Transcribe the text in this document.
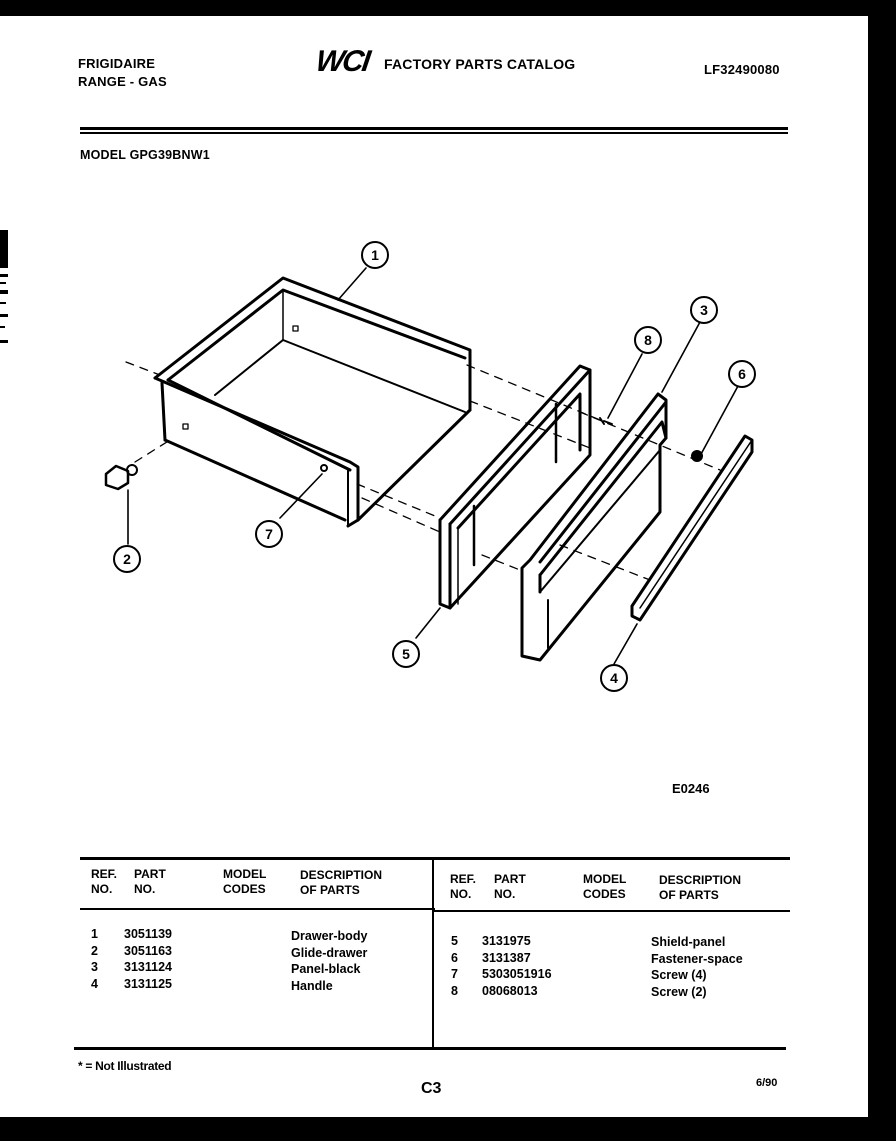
FRIGIDAIRE
RANGE - GAS
WCI FACTORY PARTS CATALOG	LF32490080
MODEL GPG39BNW1
1
2
3
4
5
6
7
8
E0246
REF.
NO.
PART
NO.
MODEL
CODES
DESCRIPTION
OF PARTS
REF.
NO.
PART
NO.
MODEL
CODES
DESCRIPTION
OF PARTS
1
2
3
4
3051139
3051163
3131124
3131125
Drawer-body
Glide-drawer
Panel-black
Handle
5
6
7
8
3131975
3131387
5303051916
08068013
Shield-panel
Fastener-space
Screw (4)
Screw (2)
* = Not Illustrated
C3	6/90
